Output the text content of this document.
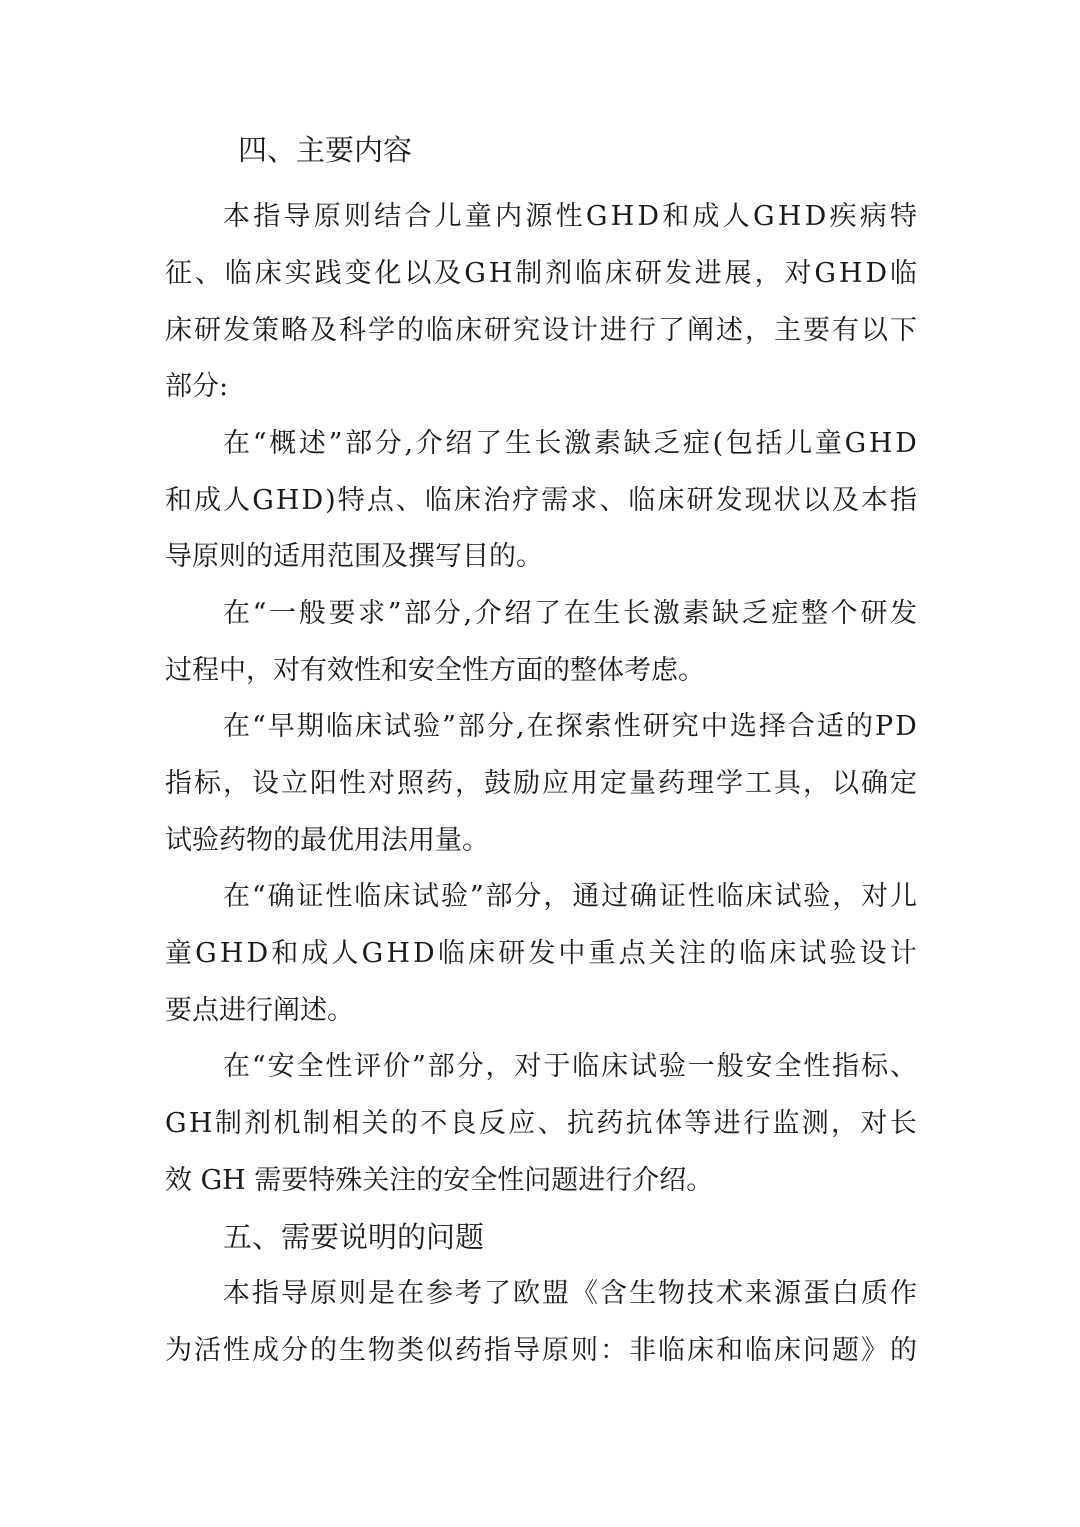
四、主要内容
本 指 导 原 则 结 合 儿 童 内 源 性 G H D 和 成 人 G H D 疾 病 特
征 、 临 床 实 践 变 化 以 及 G H 制 剂 临 床 研 发 进 展 ， 对 G H D 临
床 研 发 策 略 及 科 学 的 临 床 研 究 设 计 进 行 了 阐 述 ， 主 要 有 以 下
部分:
在 “ 概 述 ” 部 分 , 介 绍 了 生 长 激 素 缺 乏 症 ( 包 括 儿 童 G H D
和 成 人 G H D ) 特 点 、 临 床 治 疗 需 求 、 临 床 研 发 现 状 以 及 本 指
导原则的适用范围及撰写目的。
在 “ 一 般 要 求 ” 部 分 , 介 绍 了 在 生 长 激 素 缺 乏 症 整 个 研 发
过程中，对有效性和安全性方面的整体考虑。
在 “ 早 期 临 床 试 验 ” 部 分 , 在 探 索 性 研 究 中 选 择 合 适 的 P D
指 标 ， 设 立 阳 性 对 照 药 ， 鼓 励 应 用 定 量 药 理 学 工 具 ， 以 确 定
试验药物的最优用法用量。
在 “ 确 证 性 临 床 试 验 ” 部 分 ， 通 过 确 证 性 临 床 试 验 ， 对 儿
童 G H D 和 成 人 G H D 临 床 研 发 中 重 点 关 注 的 临 床 试 验 设 计
要点进行阐述。
在 “ 安 全 性 评 价 ” 部 分 ， 对 于 临 床 试 验 一 般 安 全 性 指 标 、
G H 制 剂 机 制 相 关 的 不 良 反 应 、 抗 药 抗 体 等 进 行 监 测 ， 对 长
效 GH 需要特殊关注的安全性问题进行介绍。
五、需要说明的问题
本 指 导 原 则 是 在 参 考 了 欧 盟 《 含 生 物 技 术 来 源 蛋 白 质 作
为 活 性 成 分 的 生 物 类 似 药 指 导 原 则 ： 非 临 床 和 临 床 问 题 》 的
